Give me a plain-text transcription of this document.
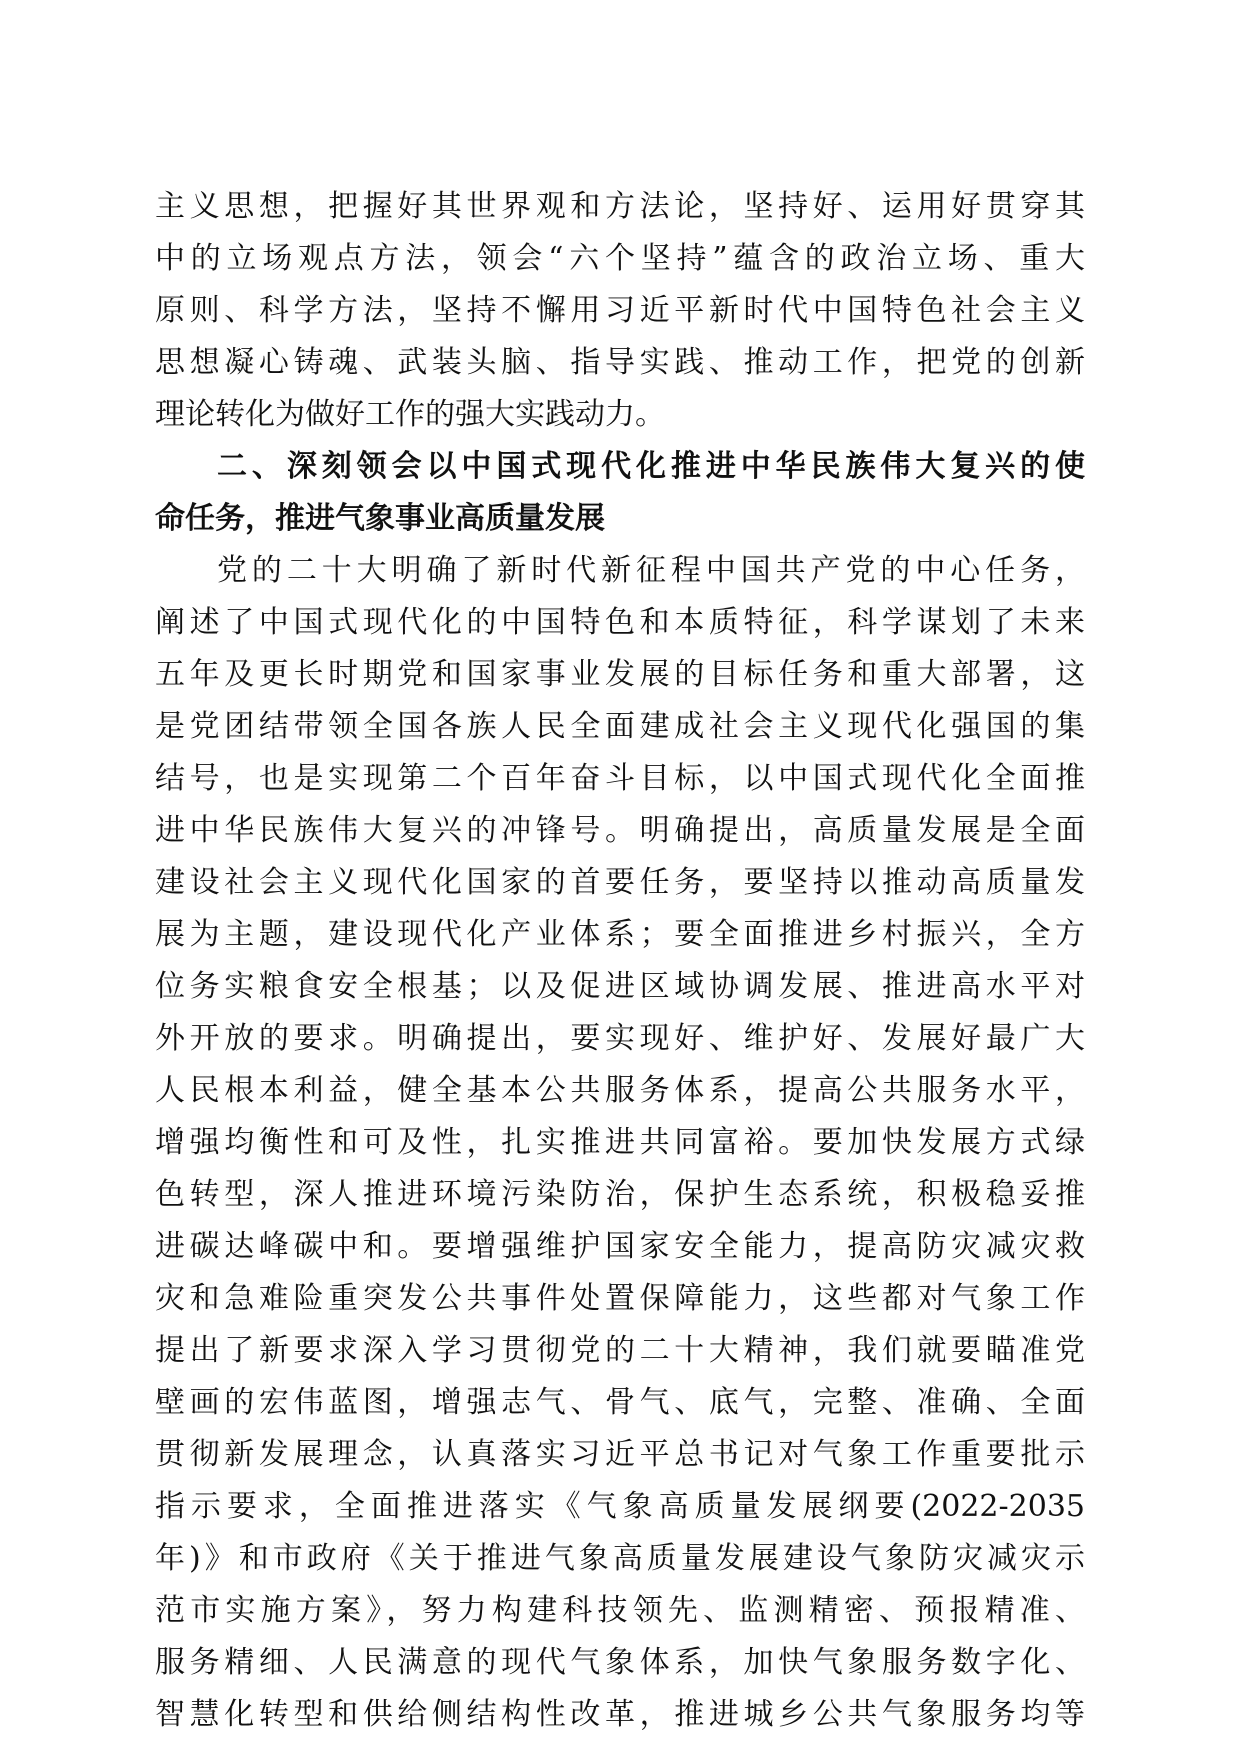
主义思想，把握好其世界观和方法论，坚持好、运用好贯穿其
中的立场观点方法，领会“六个坚持”蕴含的政治立场、重大
原则、科学方法，坚持不懈用习近平新时代中国特色社会主义
思想凝心铸魂、武装头脑、指导实践、推动工作，把党的创新
理论转化为做好工作的强大实践动力。
二、深刻领会以中国式现代化推进中华民族伟大复兴的使
命任务，推进气象事业高质量发展
党的二十大明确了新时代新征程中国共产党的中心任务，
阐述了中国式现代化的中国特色和本质特征，科学谋划了未来
五年及更长时期党和国家事业发展的目标任务和重大部署，这
是党团结带领全国各族人民全面建成社会主义现代化强国的集
结号，也是实现第二个百年奋斗目标，以中国式现代化全面推
进中华民族伟大复兴的冲锋号。明确提出，高质量发展是全面
建设社会主义现代化国家的首要任务，要坚持以推动高质量发
展为主题，建设现代化产业体系；要全面推进乡村振兴，全方
位务实粮食安全根基；以及促进区域协调发展、推进高水平对
外开放的要求。明确提出，要实现好、维护好、发展好最广大
人民根本利益，健全基本公共服务体系，提高公共服务水平，
增强均衡性和可及性，扎实推进共同富裕。要加快发展方式绿
色转型，深人推进环境污染防治，保护生态系统，积极稳妥推
进碳达峰碳中和。要增强维护国家安全能力，提高防灾减灾救
灾和急难险重突发公共事件处置保障能力，这些都对气象工作
提出了新要求深入学习贯彻党的二十大精神，我们就要瞄准党
壁画的宏伟蓝图，增强志气、骨气、底气，完整、准确、全面
贯彻新发展理念，认真落实习近平总书记对气象工作重要批示
指示要求，全面推进落实《气象高质量发展纲要(2022-2035
年)》和市政府《关于推进气象高质量发展建设气象防灾减灾示
范市实施方案》，努力构建科技领先、监测精密、预报精准、
服务精细、人民满意的现代气象体系，加快气象服务数字化、
智慧化转型和供给侧结构性改革，推进城乡公共气象服务均等
